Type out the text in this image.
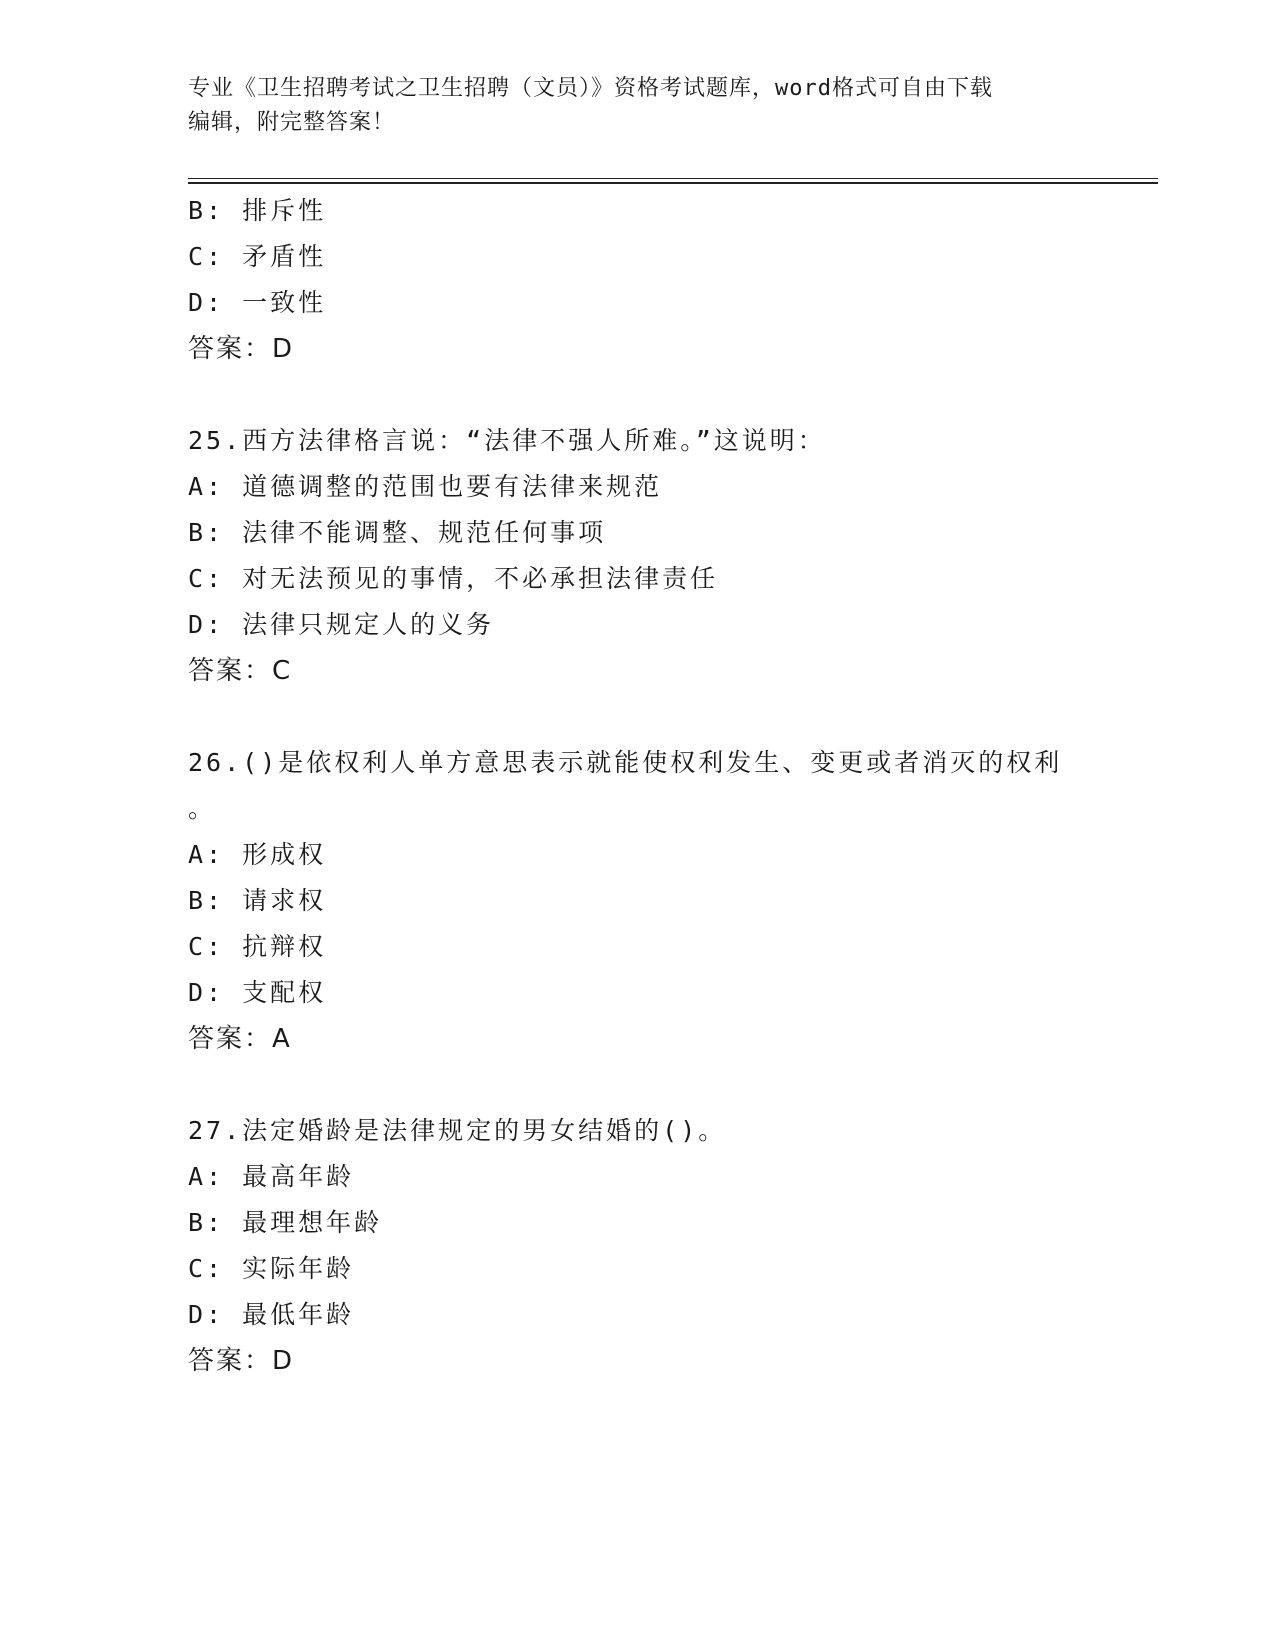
专业《卫生招聘考试之卫生招聘（文员）》资格考试题库，word格式可自由下载
编辑，附完整答案！
B: 排斥性
C: 矛盾性
D: 一致性
答案：D
25.西方法律格言说：“法律不强人所难。”这说明：
A: 道德调整的范围也要有法律来规范
B: 法律不能调整、规范任何事项
C: 对无法预见的事情，不必承担法律责任
D: 法律只规定人的义务
答案：C
26.()是依权利人单方意思表示就能使权利发生、变更或者消灭的权利
。
A: 形成权
B: 请求权
C: 抗辩权
D: 支配权
答案：A
27.法定婚龄是法律规定的男女结婚的()。
A: 最高年龄
B: 最理想年龄
C: 实际年龄
D: 最低年龄
答案：D
